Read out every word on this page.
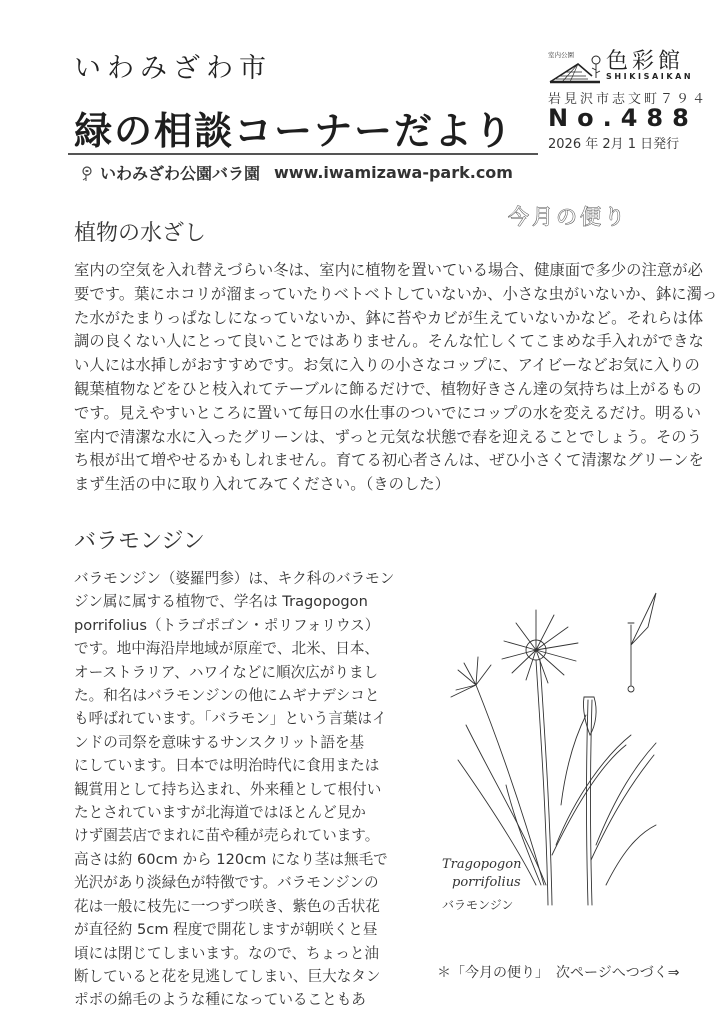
いわみざわ市
緑の相談コーナーだより
いわみざわ公園バラ園 www.iwamizawa-park.com
室内公園 色彩館
SHIKISAIKAN
岩見沢市志文町７９４
No.488
2026 年 2月 1 日発行
今月の便り
植物の水ざし

室内の空気を入れ替えづらい冬は、室内に植物を置いている場合、健康面で多少の注意が必

要です。葉にホコリが溜まっていたりベトベトしていないか、小さな虫がいないか、鉢に濁っ

た水がたまりっぱなしになっていないか、鉢に苔やカビが生えていないかなど。それらは体

調の良くない人にとって良いことではありません。そんな忙しくてこまめな手入れができな

い人には水挿しがおすすめです。お気に入りの小さなコップに、アイビーなどお気に入りの

観葉植物などをひと枝入れてテーブルに飾るだけで、植物好きさん達の気持ちは上がるもの

です。見えやすいところに置いて毎日の水仕事のついでにコップの水を変えるだけ。明るい

室内で清潔な水に入ったグリーンは、ずっと元気な状態で春を迎えることでしょう。そのう

ち根が出て増やせるかもしれません。育てる初心者さんは、ぜひ小さくて清潔なグリーンを

まず生活の中に取り入れてみてください。（きのした）

バラモンジン

バラモンジン（婆羅門参）は、キク科のバラモン

ジン属に属する植物で、学名は Tragopogon

porrifolius（トラゴポゴン・ポリフォリウス）

です。地中海沿岸地域が原産で、北米、日本、

オーストラリア、ハワイなどに順次広がりまし

た。和名はバラモンジンの他にムギナデシコと

も呼ばれています。「バラモン」という言葉はイ

ンドの司祭を意味するサンスクリット語を基

にしています。日本では明治時代に食用または

観賞用として持ち込まれ、外来種として根付い

たとされていますが北海道ではほとんど見か

けず園芸店でまれに苗や種が売られています。

高さは約 60cm から 120cm になり茎は無毛で

光沢があり淡緑色が特徴です。バラモンジンの

花は一般に枝先に一つずつ咲き、紫色の舌状花

が直径約 5cm 程度で開花しますが朝咲くと昼

頃には閉じてしまいます。なので、ちょっと油

断していると花を見逃してしまい、巨大なタン

ポポの綿毛のような種になっていることもあ

Tragopogon
porrifolius
バラモンジン
＊「今月の便り」　次ページへつづく⇒
